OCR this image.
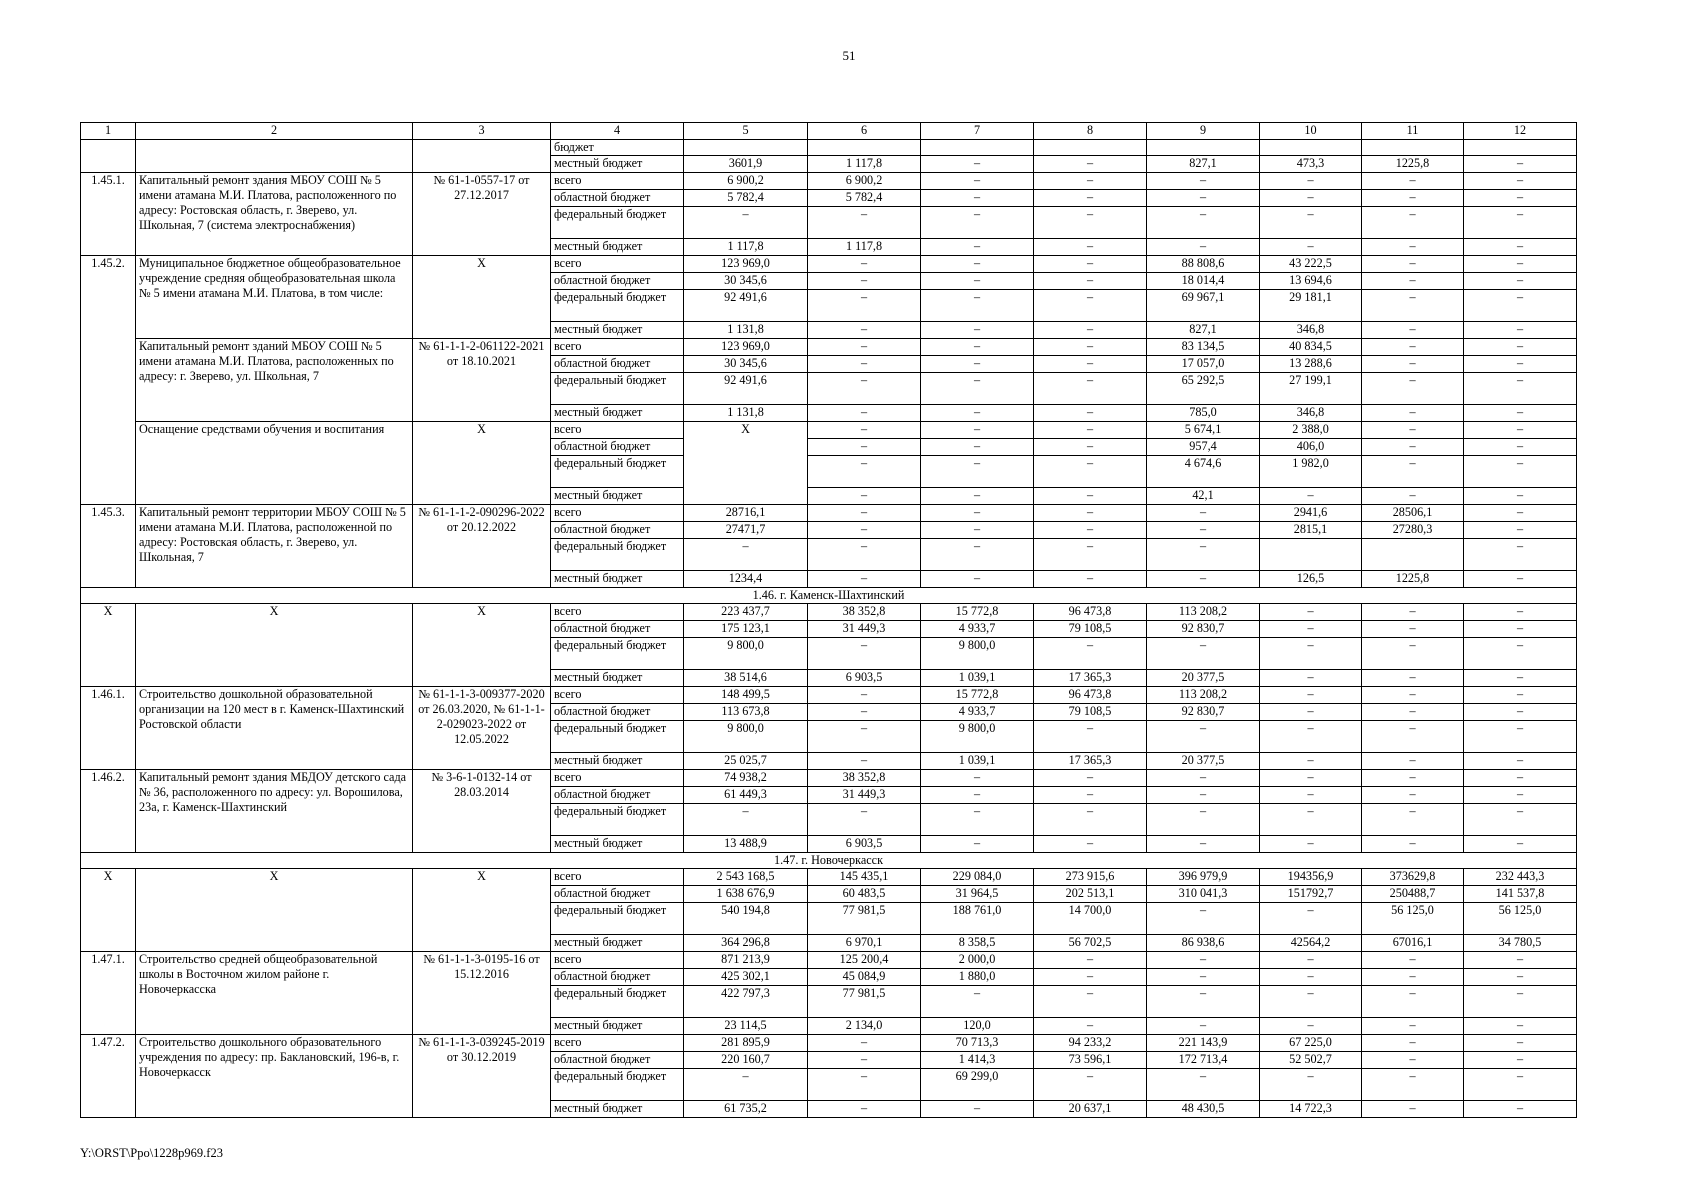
51
1	2	3	4	5	6	7	8	9	10	11	12
			бюджет								
			местный бюджет	3601,9	1 117,8	–	–	827,1	473,3	1225,8	–
1.45.1.	Капитальный ремонт здания МБОУ СОШ № 5 имени атамана М.И. Платова, расположенного по адресу: Ростовская область, г. Зверево, ул. Школьная, 7 (система электроснабжения)	№ 61-1-0557-17 от 27.12.2017	всего	6 900,2	6 900,2	–	–	–	–	–	–
			областной бюджет	5 782,4	5 782,4	–	–	–	–	–	–
			федеральный бюджет	–	–	–	–	–	–	–	–
			местный бюджет	1 117,8	1 117,8	–	–	–	–	–	–
1.45.2.	Муниципальное бюджетное общеобразовательное учреждение средняя общеобразовательная школа № 5 имени атамана М.И. Платова, в том числе:	Х	всего	123 969,0	–	–	–	88 808,6	43 222,5	–	–
			областной бюджет	30 345,6	–	–	–	18 014,4	13 694,6	–	–
			федеральный бюджет	92 491,6	–	–	–	69 967,1	29 181,1	–	–
			местный бюджет	1 131,8	–	–	–	827,1	346,8	–	–
	Капитальный ремонт зданий МБОУ СОШ № 5 имени атамана М.И. Платова, расположенных по адресу: г. Зверево, ул. Школьная, 7	№ 61-1-1-2-061122-2021 от 18.10.2021	всего	123 969,0	–	–	–	83 134,5	40 834,5	–	–
			областной бюджет	30 345,6	–	–	–	17 057,0	13 288,6	–	–
			федеральный бюджет	92 491,6	–	–	–	65 292,5	27 199,1	–	–
			местный бюджет	1 131,8	–	–	–	785,0	346,8	–	–
	Оснащение средствами обучения и воспитания	Х	всего	Х	–	–	–	5 674,1	2 388,0	–	–
			областной бюджет		–	–	–	957,4	406,0	–	–
			федеральный бюджет		–	–	–	4 674,6	1 982,0	–	–
			местный бюджет		–	–	–	42,1	–	–	–
1.45.3.	Капитальный ремонт территории МБОУ СОШ № 5 имени атамана М.И. Платова, расположенной по адресу: Ростовская область, г. Зверево, ул. Школьная, 7	№ 61-1-1-2-090296-2022 от 20.12.2022	всего	28716,1	–	–	–	–	2941,6	28506,1	–
			областной бюджет	27471,7	–	–	–	–	2815,1	27280,3	–
			федеральный бюджет	–	–	–	–	–			–
			местный бюджет	1234,4	–	–	–	–	126,5	1225,8	–
1.46. г. Каменск-Шахтинский											
Х	Х	Х	всего	223 437,7	38 352,8	15 772,8	96 473,8	113 208,2	–	–	–
			областной бюджет	175 123,1	31 449,3	4 933,7	79 108,5	92 830,7	–	–	–
			федеральный бюджет	9 800,0	–	9 800,0	–	–	–	–	–
			местный бюджет	38 514,6	6 903,5	1 039,1	17 365,3	20 377,5	–	–	–
1.46.1.	Строительство дошкольной образовательной организации на 120 мест в г. Каменск-Шахтинский Ростовской области	№ 61-1-1-3-009377-2020 от 26.03.2020, № 61-1-1-2-029023-2022 от 12.05.2022	всего	148 499,5	–	15 772,8	96 473,8	113 208,2	–	–	–
			областной бюджет	113 673,8	–	4 933,7	79 108,5	92 830,7	–	–	–
			федеральный бюджет	9 800,0	–	9 800,0	–	–	–	–	–
			местный бюджет	25 025,7	–	1 039,1	17 365,3	20 377,5	–	–	–
1.46.2.	Капитальный ремонт здания МБДОУ детского сада № 36, расположенного по адресу: ул. Ворошилова, 23а, г. Каменск-Шахтинский	№ 3-6-1-0132-14 от 28.03.2014	всего	74 938,2	38 352,8	–	–	–	–	–	–
			областной бюджет	61 449,3	31 449,3	–	–	–	–	–	–
			федеральный бюджет	–	–	–	–	–	–	–	–
			местный бюджет	13 488,9	6 903,5	–	–	–	–	–	–
1.47. г. Новочеркасск											
Х	Х	Х	всего	2 543 168,5	145 435,1	229 084,0	273 915,6	396 979,9	194356,9	373629,8	232 443,3
			областной бюджет	1 638 676,9	60 483,5	31 964,5	202 513,1	310 041,3	151792,7	250488,7	141 537,8
			федеральный бюджет	540 194,8	77 981,5	188 761,0	14 700,0	–	–	56 125,0	56 125,0
			местный бюджет	364 296,8	6 970,1	8 358,5	56 702,5	86 938,6	42564,2	67016,1	34 780,5
1.47.1.	Строительство средней общеобразовательной школы в Восточном жилом районе г. Новочеркасска	№ 61-1-1-3-0195-16 от 15.12.2016	всего	871 213,9	125 200,4	2 000,0	–	–	–	–	–
			областной бюджет	425 302,1	45 084,9	1 880,0	–	–	–	–	–
			федеральный бюджет	422 797,3	77 981,5	–	–	–	–	–	–
			местный бюджет	23 114,5	2 134,0	120,0	–	–	–	–	–
1.47.2.	Строительство дошкольного образовательного учреждения по адресу: пр. Баклановский, 196-в, г. Новочеркасск	№ 61-1-1-3-039245-2019 от 30.12.2019	всего	281 895,9	–	70 713,3	94 233,2	221 143,9	67 225,0	–	–
			областной бюджет	220 160,7	–	1 414,3	73 596,1	172 713,4	52 502,7	–	–
			федеральный бюджет	–	–	69 299,0	–	–	–	–	–
			местный бюджет	61 735,2	–	–	20 637,1	48 430,5	14 722,3	–	–
Y:\ORST\Ppo\1228p969.f23
